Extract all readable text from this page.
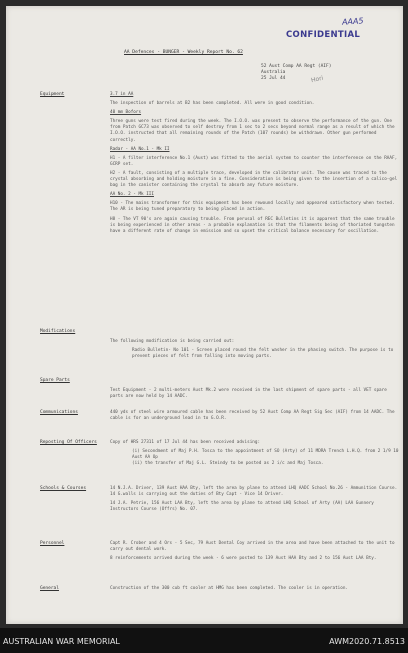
AAA5
CONFIDENTIAL
AA Defences - BUNGER - Weekly Report No. 62
52 Aust Comp AA Regt (AIF)
Australia
25 Jul 44	Hori
Equipment	3.7 in AA

The inspection of barrels at B2 has been completed. All were in good condition.

40 mm Bofors

Three guns were test fired during the week. The I.O.O. was present to observe the performance of the gun. One from Patch GC73 was observed to self destroy from 1 sec to 2 secs beyond normal range as a result of which the I.O.O. instructed that all remaining rounds of the Patch (107 rounds) be withdrawn. Other gun performed correctly.

Radar - AA No.1 - Mk II

H1 - A filter interference No.1 (Aust) was fitted to the aerial system to counter the interference on the RAAF, GCRP set.

H2 - A fault, consisting of a multiple trace, developed in the calibrator unit. The cause was traced to the crystal absorbing and holding moisture in a fine. Consideration is being given to the insertion of a calico-gel bag in the canister containing the crystal to absorb any future moisture.

AA No. 2 - Mk III

H10 - The mains transformer for this equipment has been rewound locally and appeared satisfactory when tested. The AR is being tuned preparatory to being placed in action.

H8 - The VT 90's are again causing trouble. From perusal of REC Bulletins it is apparent that the same trouble is being experienced in other areas - a probable explanation is that the filaments being of thoriated tungsten have a different rate of change in emission and so upset the critical balance necessary for oscillation.

Modifications

The following modification is being carried out:

Radio Bulletin- No 101 - Screen placed round the felt washer in the phasing switch. The purpose is to prevent pieces of felt from falling into moving parts.

Spare Parts

Test Equipment - 2 multi-meters Aust Mk.2 were received in the last shipment of spare parts - all VET spare parts are now held by 14 AADC.

Communications	440 yds of steel wire armoured cable has been received by 52 Aust Comp AA Regt Sig Sec (AIF) from 14 AADC. The cable is for an underground lead in to G.O.R.

Reposting Of Officers	Copy of HRS 27311 of 17 Jul 44 has been received advising:

(i) Secondment of Maj P.H. Tosca to the appointment of SO (Arty) of 11 MDRA Trench L.H.Q. from 2 1/9 10 Aust AA Op

(ii) the transfer of Maj G.L. Steindy to be posted as 2 i/c and Maj Tosca.

Schools & Courses	14 N.J.A. Driver, 139 Aust HAA Bty, left the area by plane to attend LHQ AADC School No.26 - Ammunition Course. 14 G.walls is carrying out the duties of Bty Capt - Vice 14 Driver.

14 J.A. Petrie, 156 Aust LAA Bty, left the area by plane to attend LHQ School of Arty (AA) LAA Gunnery Instructors Course (Offrs) No. 07.

Personnel	Capt R. Crober and 4 Ors - 5 Sec, 79 Aust Dental Coy arrived in the area and have been attached to the unit to carry out dental work.

8 reinforcements arrived during the week - 6 were posted to 139 Aust HAA Bty and 2 to 156 Aust LAA Bty.

General	Construction of the 300 cub ft cooler at HMG has been completed. The cooler is in operation.

AUSTRALIAN WAR MEMORIAL	AWM2020.71.8513
